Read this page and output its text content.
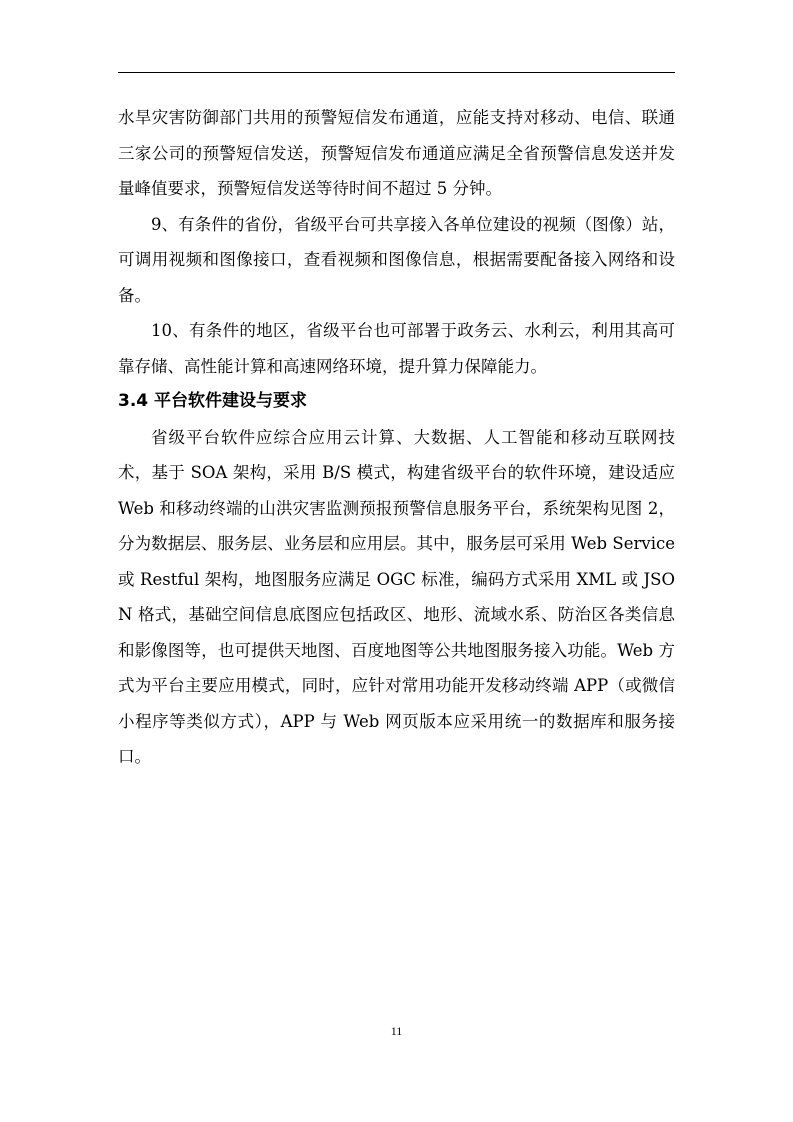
水旱灾害防御部门共用的预警短信发布通道，应能支持对移动、电信、联通三家公司的预警短信发送，预警短信发布通道应满足全省预警信息发送并发量峰值要求，预警短信发送等待时间不超过 5 分钟。

9、有条件的省份，省级平台可共享接入各单位建设的视频（图像）站，可调用视频和图像接口，查看视频和图像信息，根据需要配备接入网络和设备。

10、有条件的地区，省级平台也可部署于政务云、水利云，利用其高可靠存储、高性能计算和高速网络环境，提升算力保障能力。

3.4 平台软件建设与要求

省级平台软件应综合应用云计算、大数据、人工智能和移动互联网技术，基于 SOA 架构，采用 B/S 模式，构建省级平台的软件环境，建设适应 Web 和移动终端的山洪灾害监测预报预警信息服务平台，系统架构见图 2，分为数据层、服务层、业务层和应用层。其中，服务层可采用 Web Service 或 Restful 架构，地图服务应满足 OGC 标准，编码方式采用 XML 或 JSON 格式，基础空间信息底图应包括政区、地形、流域水系、防治区各类信息和影像图等，也可提供天地图、百度地图等公共地图服务接入功能。Web 方式为平台主要应用模式，同时，应针对常用功能开发移动终端 APP（或微信小程序等类似方式），APP 与 Web 网页版本应采用统一的数据库和服务接口。

11
